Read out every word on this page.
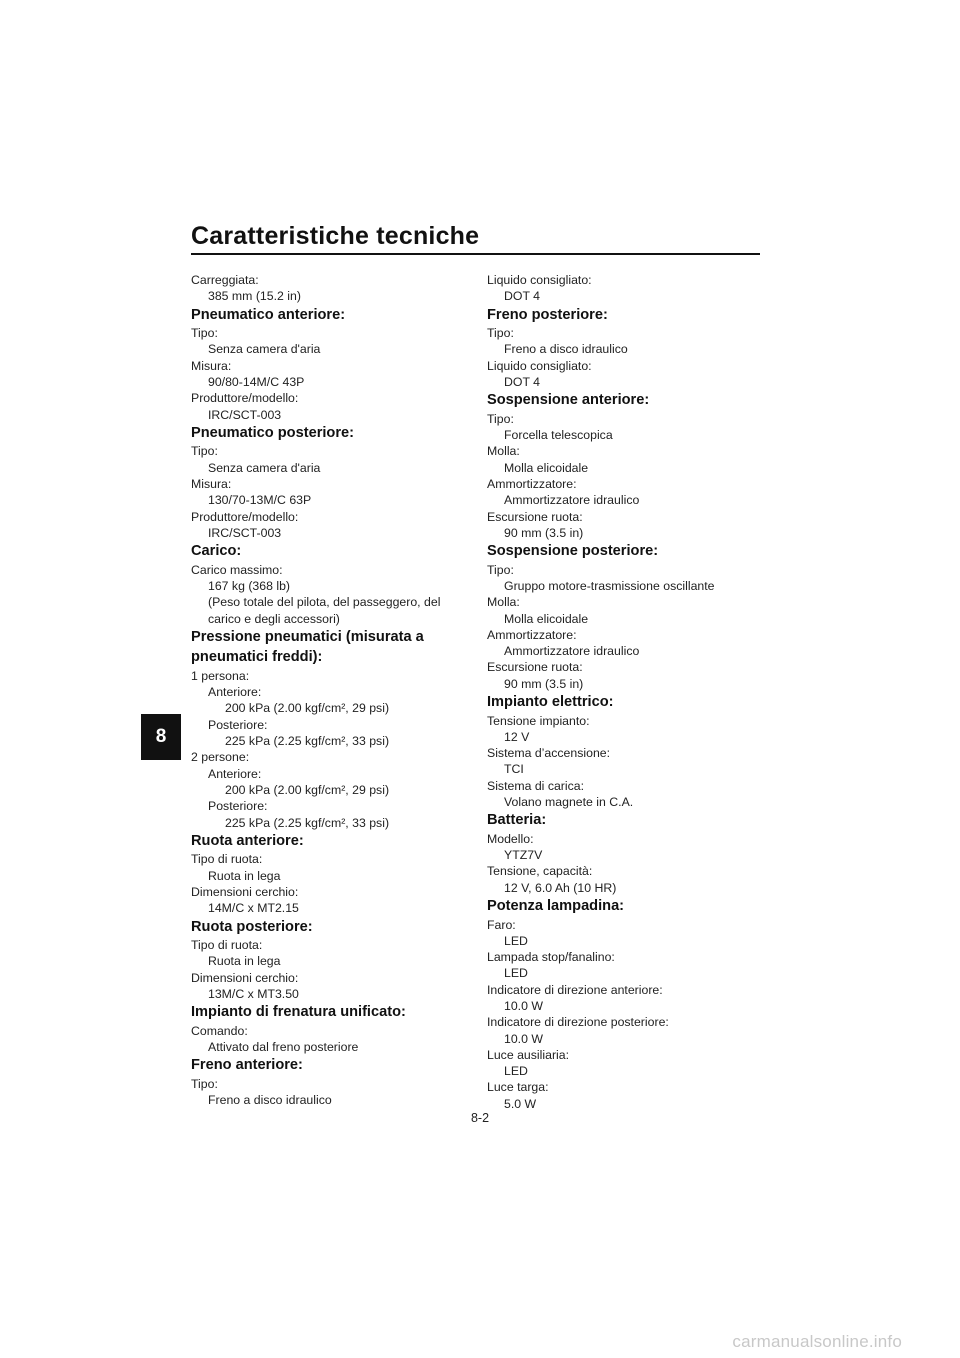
Caratteristiche tecniche
8
Carreggiata:
385 mm (15.2 in)
Pneumatico anteriore:
Tipo:
Senza camera d'aria
Misura:
90/80-14M/C 43P
Produttore/modello:
IRC/SCT-003
Pneumatico posteriore:
Tipo:
Senza camera d'aria
Misura:
130/70-13M/C 63P
Produttore/modello:
IRC/SCT-003
Carico:
Carico massimo:
167 kg (368 lb)
(Peso totale del pilota, del passeggero, del
carico e degli accessori)
Pressione pneumatici (misurata a
pneumatici freddi):
1 persona:
Anteriore:
200 kPa (2.00 kgf/cm², 29 psi)
Posteriore:
225 kPa (2.25 kgf/cm², 33 psi)
2 persone:
Anteriore:
200 kPa (2.00 kgf/cm², 29 psi)
Posteriore:
225 kPa (2.25 kgf/cm², 33 psi)
Ruota anteriore:
Tipo di ruota:
Ruota in lega
Dimensioni cerchio:
14M/C x MT2.15
Ruota posteriore:
Tipo di ruota:
Ruota in lega
Dimensioni cerchio:
13M/C x MT3.50
Impianto di frenatura unificato:
Comando:
Attivato dal freno posteriore
Freno anteriore:
Tipo:
Freno a disco idraulico
Liquido consigliato:
DOT 4
Freno posteriore:
Tipo:
Freno a disco idraulico
Liquido consigliato:
DOT 4
Sospensione anteriore:
Tipo:
Forcella telescopica
Molla:
Molla elicoidale
Ammortizzatore:
Ammortizzatore idraulico
Escursione ruota:
90 mm (3.5 in)
Sospensione posteriore:
Tipo:
Gruppo motore-trasmissione oscillante
Molla:
Molla elicoidale
Ammortizzatore:
Ammortizzatore idraulico
Escursione ruota:
90 mm (3.5 in)
Impianto elettrico:
Tensione impianto:
12 V
Sistema d’accensione:
TCI
Sistema di carica:
Volano magnete in C.A.
Batteria:
Modello:
YTZ7V
Tensione, capacità:
12 V, 6.0 Ah (10 HR)
Potenza lampadina:
Faro:
LED
Lampada stop/fanalino:
LED
Indicatore di direzione anteriore:
10.0 W
Indicatore di direzione posteriore:
10.0 W
Luce ausiliaria:
LED
Luce targa:
5.0 W
8-2
carmanualsonline.info
